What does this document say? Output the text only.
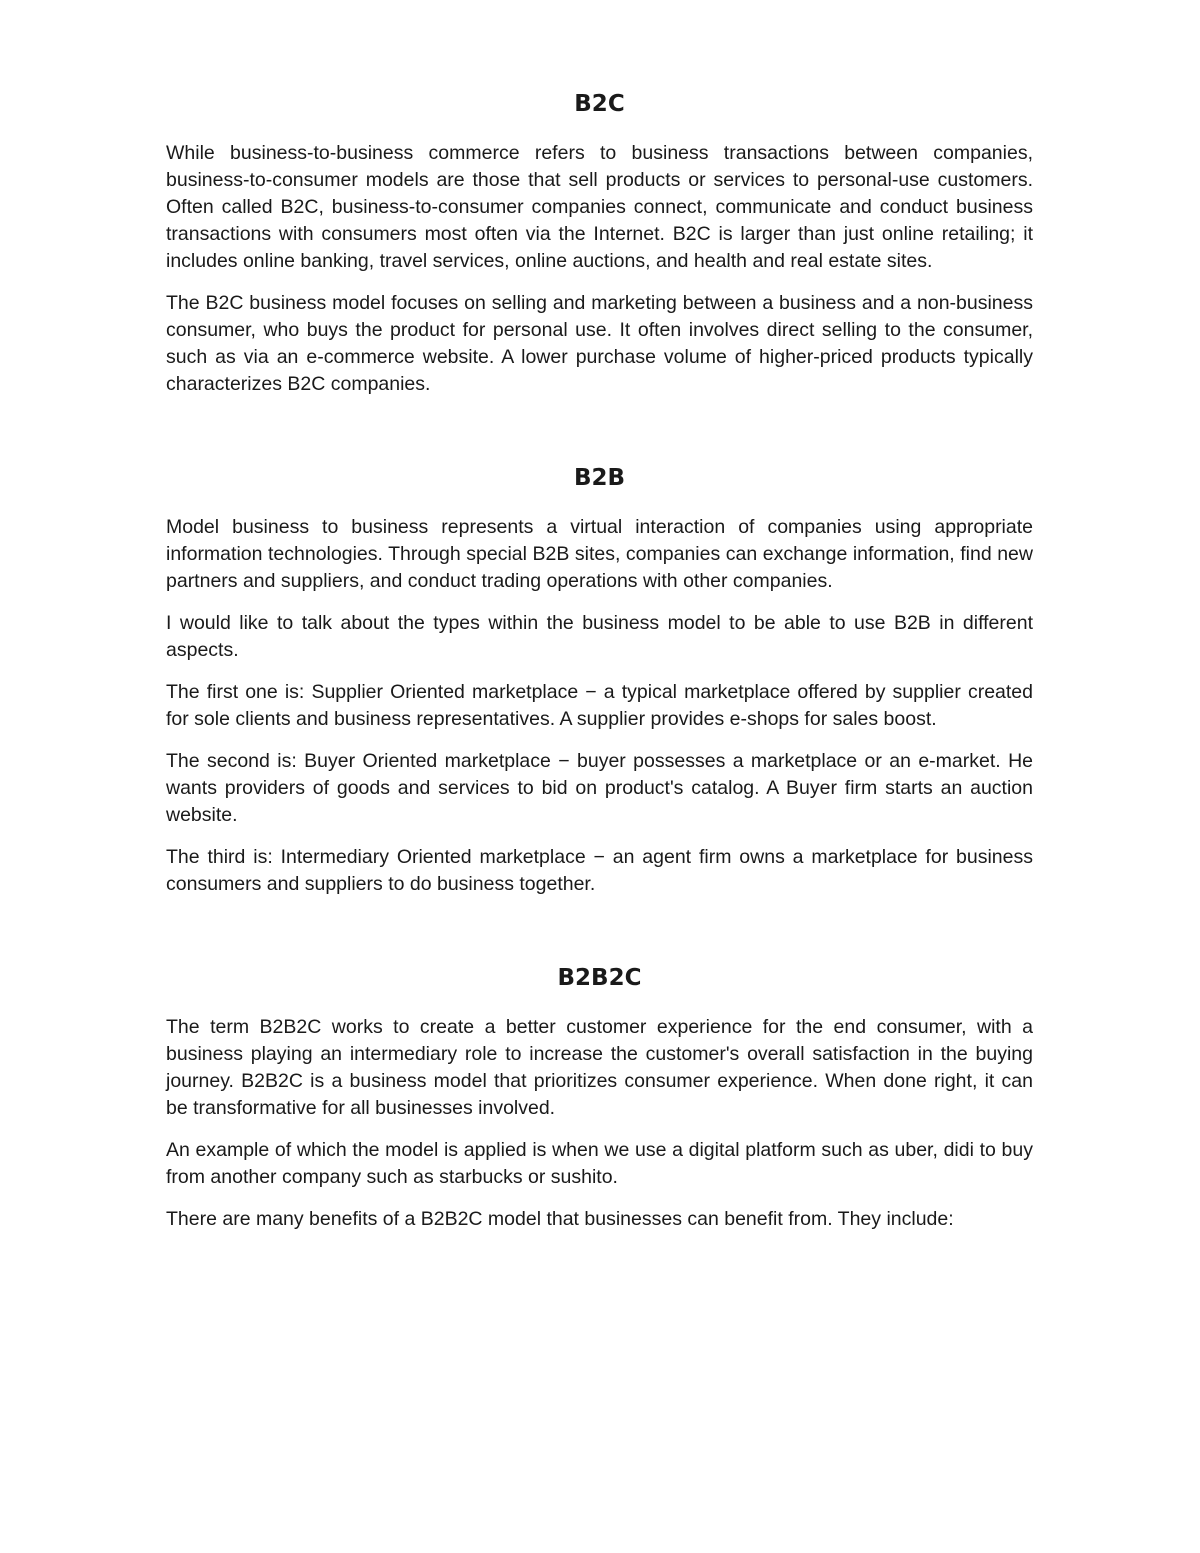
B2C

While business-to-business commerce refers to business transactions between companies, business-to-consumer models are those that sell products or services to personal-use customers. Often called B2C, business-to-consumer companies connect, communicate and conduct business transactions with consumers most often via the Internet. B2C is larger than just online retailing; it includes online banking, travel services, online auctions, and health and real estate sites.

The B2C business model focuses on selling and marketing between a business and a non-business consumer, who buys the product for personal use. It often involves direct selling to the consumer, such as via an e-commerce website. A lower purchase volume of higher-priced products typically characterizes B2C companies.

B2B

Model business to business represents a virtual interaction of companies using appropriate information technologies. Through special B2B sites, companies can exchange information, find new partners and suppliers, and conduct trading operations with other companies.

I would like to talk about the types within the business model to be able to use B2B in different aspects.

The first one is: Supplier Oriented marketplace − a typical marketplace offered by supplier created for sole clients and business representatives. A supplier provides e-shops for sales boost.

The second is: Buyer Oriented marketplace − buyer possesses a marketplace or an e-market. He wants providers of goods and services to bid on product's catalog. A Buyer firm starts an auction website.

The third is: Intermediary Oriented marketplace − an agent firm owns a marketplace for business consumers and suppliers to do business together.

B2B2C

The term B2B2C works to create a better customer experience for the end consumer, with a business playing an intermediary role to increase the customer's overall satisfaction in the buying journey. B2B2C is a business model that prioritizes consumer experience. When done right, it can be transformative for all businesses involved.

An example of which the model is applied is when we use a digital platform such as uber, didi to buy from another company such as starbucks or sushito.

There are many benefits of a B2B2C model that businesses can benefit from. They include:
